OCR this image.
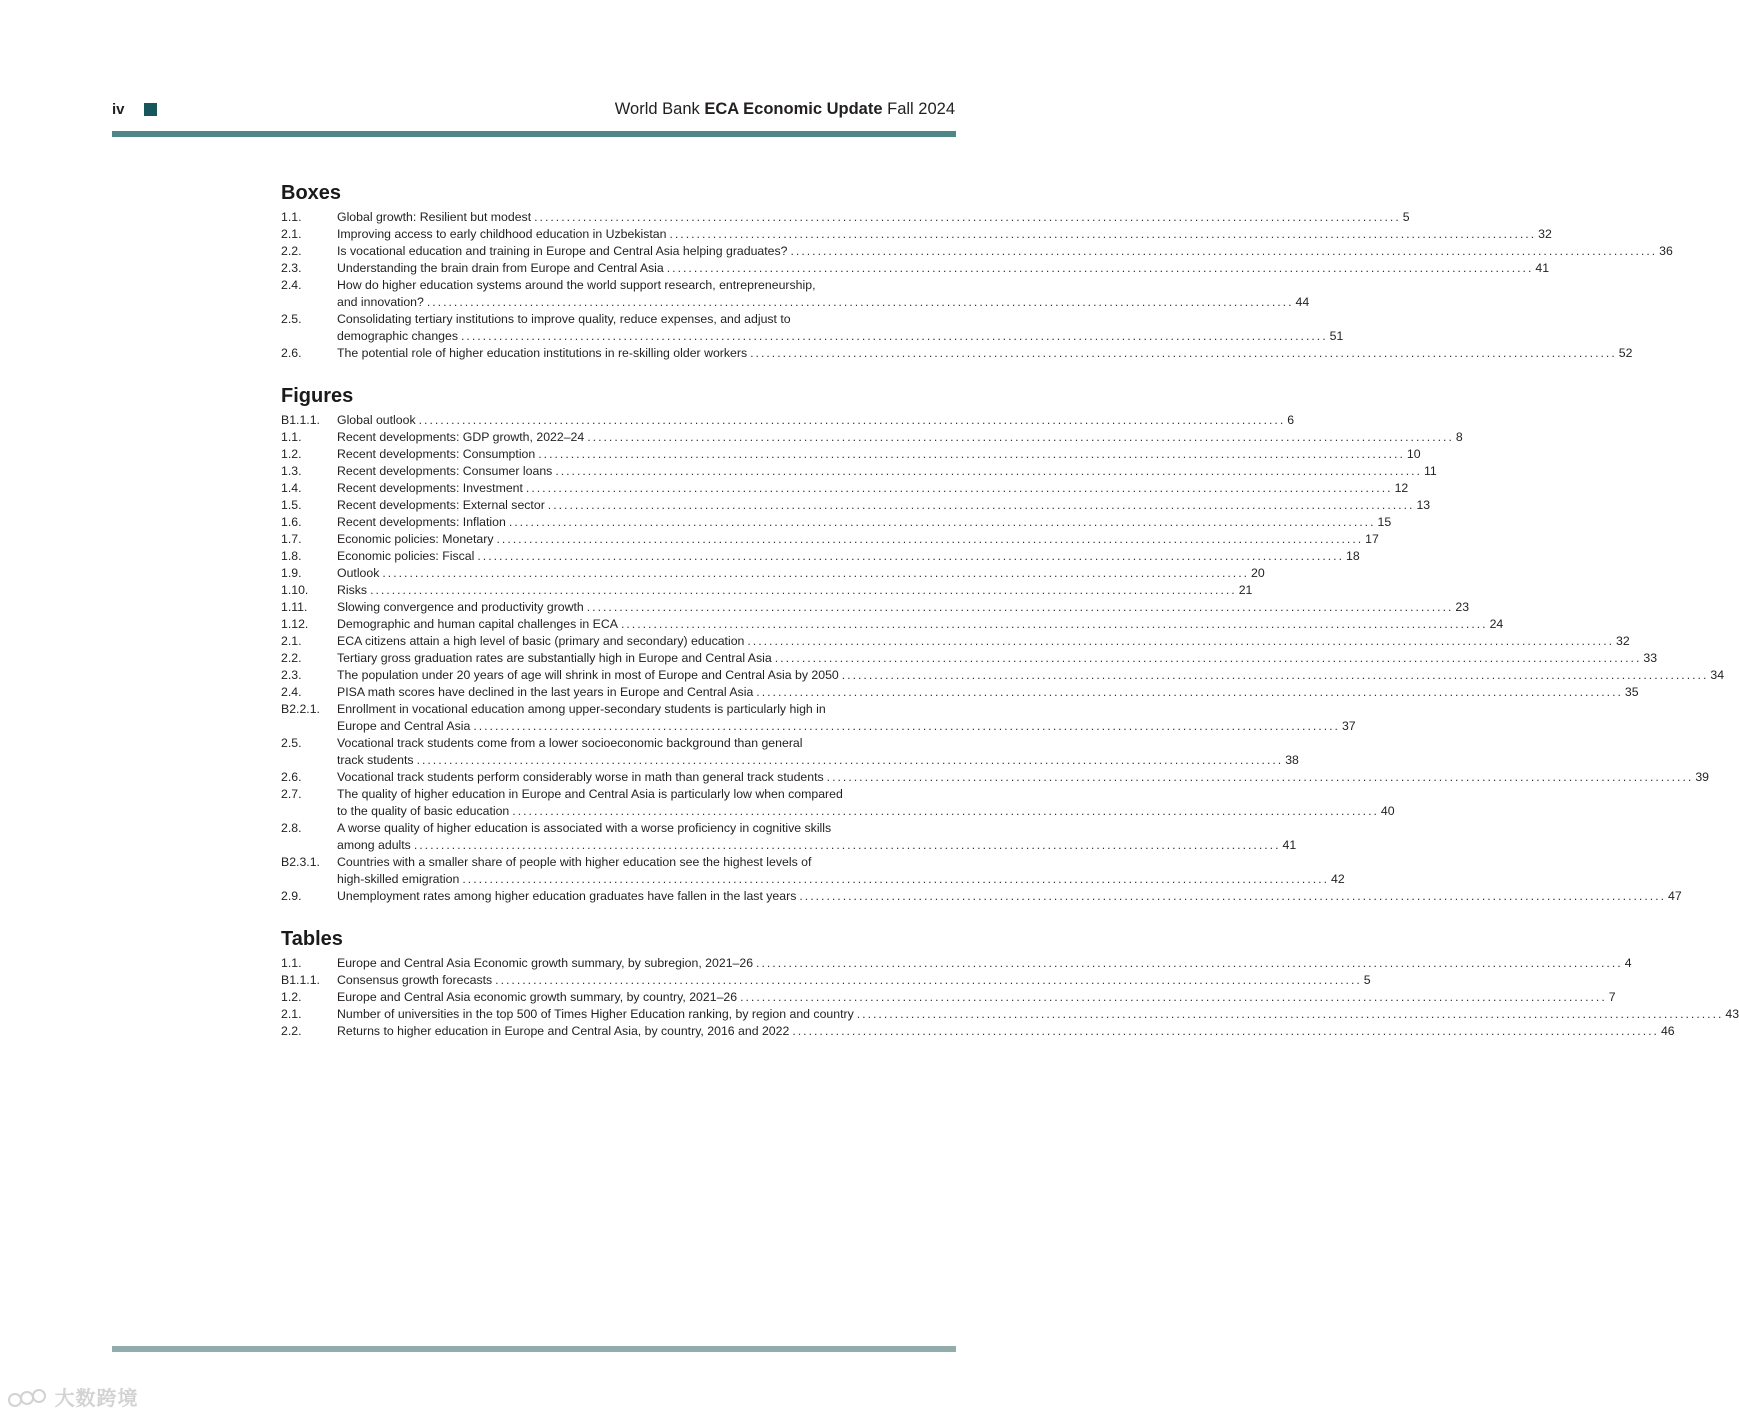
iv	World Bank ECA Economic Update Fall 2024
Boxes
1.1.	Global growth: Resilient but modest ................................................................................................................................................................ 5
2.1.	Improving access to early childhood education in Uzbekistan ................................................................................................................................................................ 32
2.2.	Is vocational education and training in Europe and Central Asia helping graduates? ................................................................................................................................................................ 36
2.3.	Understanding the brain drain from Europe and Central Asia ................................................................................................................................................................ 41
2.4.	How do higher education systems around the world support research, entrepreneurship,
and innovation? ................................................................................................................................................................ 44
2.5.	Consolidating tertiary institutions to improve quality, reduce expenses, and adjust to
demographic changes ................................................................................................................................................................ 51
2.6.	The potential role of higher education institutions in re-skilling older workers ................................................................................................................................................................ 52
Figures
B1.1.1.	Global outlook ................................................................................................................................................................ 6
1.1.	Recent developments: GDP growth, 2022–24 ................................................................................................................................................................ 8
1.2.	Recent developments: Consumption ................................................................................................................................................................ 10
1.3.	Recent developments: Consumer loans ................................................................................................................................................................ 11
1.4.	Recent developments: Investment ................................................................................................................................................................ 12
1.5.	Recent developments: External sector ................................................................................................................................................................ 13
1.6.	Recent developments: Inflation ................................................................................................................................................................ 15
1.7.	Economic policies: Monetary ................................................................................................................................................................ 17
1.8.	Economic policies: Fiscal ................................................................................................................................................................ 18
1.9.	Outlook ................................................................................................................................................................ 20
1.10.	Risks ................................................................................................................................................................ 21
1.11.	Slowing convergence and productivity growth ................................................................................................................................................................ 23
1.12.	Demographic and human capital challenges in ECA ................................................................................................................................................................ 24
2.1.	ECA citizens attain a high level of basic (primary and secondary) education ................................................................................................................................................................ 32
2.2.	Tertiary gross graduation rates are substantially high in Europe and Central Asia ................................................................................................................................................................ 33
2.3.	The population under 20 years of age will shrink in most of Europe and Central Asia by 2050 ................................................................................................................................................................ 34
2.4.	PISA math scores have declined in the last years in Europe and Central Asia ................................................................................................................................................................ 35
B2.2.1.	Enrollment in vocational education among upper-secondary students is particularly high in
Europe and Central Asia ................................................................................................................................................................ 37
2.5.	Vocational track students come from a lower socioeconomic background than general
track students ................................................................................................................................................................ 38
2.6.	Vocational track students perform considerably worse in math than general track students ................................................................................................................................................................ 39
2.7.	The quality of higher education in Europe and Central Asia is particularly low when compared
to the quality of basic education ................................................................................................................................................................ 40
2.8.	A worse quality of higher education is associated with a worse proficiency in cognitive skills
among adults ................................................................................................................................................................ 41
B2.3.1.	Countries with a smaller share of people with higher education see the highest levels of
high-skilled emigration ................................................................................................................................................................ 42
2.9.	Unemployment rates among higher education graduates have fallen in the last years ................................................................................................................................................................ 47
Tables
1.1.	Europe and Central Asia Economic growth summary, by subregion, 2021–26 ................................................................................................................................................................ 4
B1.1.1.	Consensus growth forecasts ................................................................................................................................................................ 5
1.2.	Europe and Central Asia economic growth summary, by country, 2021–26 ................................................................................................................................................................ 7
2.1.	Number of universities in the top 500 of Times Higher Education ranking, by region and country ................................................................................................................................................................ 43
2.2.	Returns to higher education in Europe and Central Asia, by country, 2016 and 2022 ................................................................................................................................................................ 46
大数跨境
